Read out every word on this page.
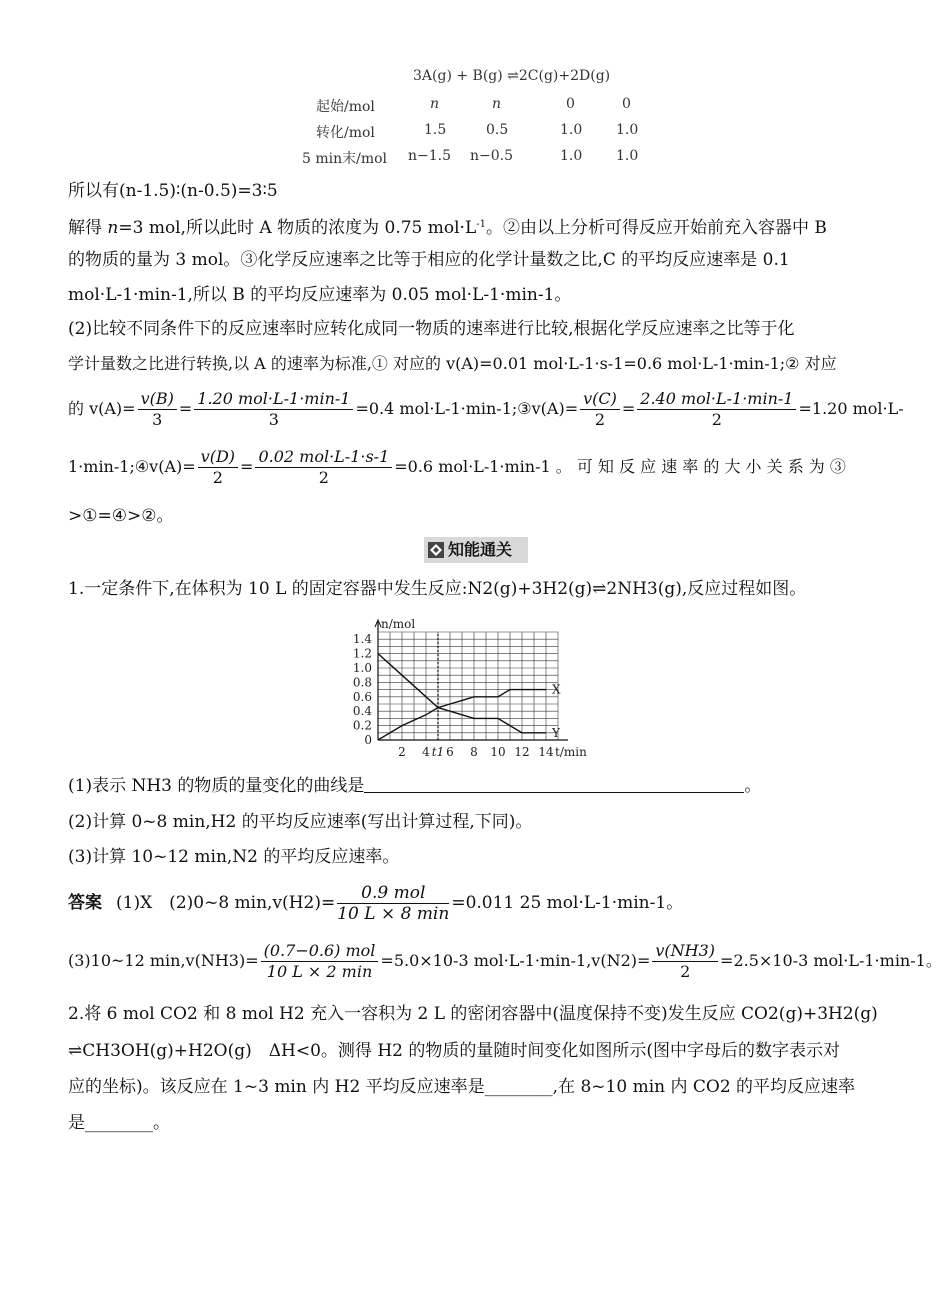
3A(g) + B(g) ⇌2C(g)+2D(g)
起始/mol	n	n	0	0
转化/mol	1.5	0.5	1.0 1.0
5 min末/mol n−1.5 n−0.5	1.0 1.0
所以有(n-1.5)∶(n-0.5)=3∶5
解得 n=3 mol,所以此时 A 物质的浓度为 0.75 $mol\cdot L^{-1}$。②由以上分析可得反应开始前充入容器中 B
的物质的量为 3 mol。③化学反应速率之比等于相应的化学计量数之比,C 的平均反应速率是 0.1
mol·L-1·min-1,所以 B 的平均反应速率为 0.05 mol·L-1·min-1。
(2)比较不同条件下的反应速率时应转化成同一物质的速率进行比较,根据化学反应速率之比等于化
学计量数之比进行转换,以 A 的速率为标准,① 对应的 v(A)=0.01 mol·L-1·s-1=0.6 mol·L-1·min-1;② 对应
的 $v(A)= \frac{v(B)}{3} = \frac{\text{1.20 mol·L-1·min-1}}{3} =0.4$ mol·L-1·min-1;③v(A)= $\frac{v(C)}{2} = \frac{\text{2.40 mol·L-1·min-1}}{2} =1.20$ mol·L-
1·min-1;④v(A)= $\frac{v(D)}{2} = \frac{\text{0.02 mol·L-1·s-1}}{2} =0.6$ mol·L-1·min-1 。 可 知 反 应 速 率 的 大 小 关 系 为 ③
>①=④>②。
知能通关
1.一定条件下,在体积为 10 L 的固定容器中发生反应:N2(g)+3H2(g)⇌2NH3(g),反应过程如图。
n/mol
t/min
0
0.2
0.4
0.6
0.8
1.0
1.2
1.4
2 4 t1 6 8 10 12 14
X
Y
(1)表示 NH3 的物质的量变化的曲线是	。
(2)计算 0~8 min,H2 的平均反应速率(写出计算过程,下同)。
(3)计算 10~12 min,N2 的平均反应速率。
答案 (1)X　(2)0~8 $\min,v(H2)= \frac{\text{0.9 mol}}{10 L \times 8 \min} =0.011$ 25 mol·L-1·min-1。
(3)10~12 $\min,v(NH3)= \frac{\text{(0.7−0.6) mol}}{10 L \times 2 \min} =5.0\times 10-3$ $mol\cdot L-1\cdot\min-1,v(N2)= \frac{v(NH3)}{2} =2.5\times 10-3$ mol·L-1·min-1。
2.将 6 mol CO2 和 8 mol H2 充入一容积为 2 L 的密闭容器中(温度保持不变)发生反应 CO2(g)+3H2(g)
⇌CH3OH(g)+H2O(g)　ΔH<0。测得 H2 的物质的量随时间变化如图所示(图中字母后的数字表示对
应的坐标)。该反应在 1~3 min 内 H2 平均反应速率是________,在 8~10 min 内 CO2 的平均反应速率
是________。
